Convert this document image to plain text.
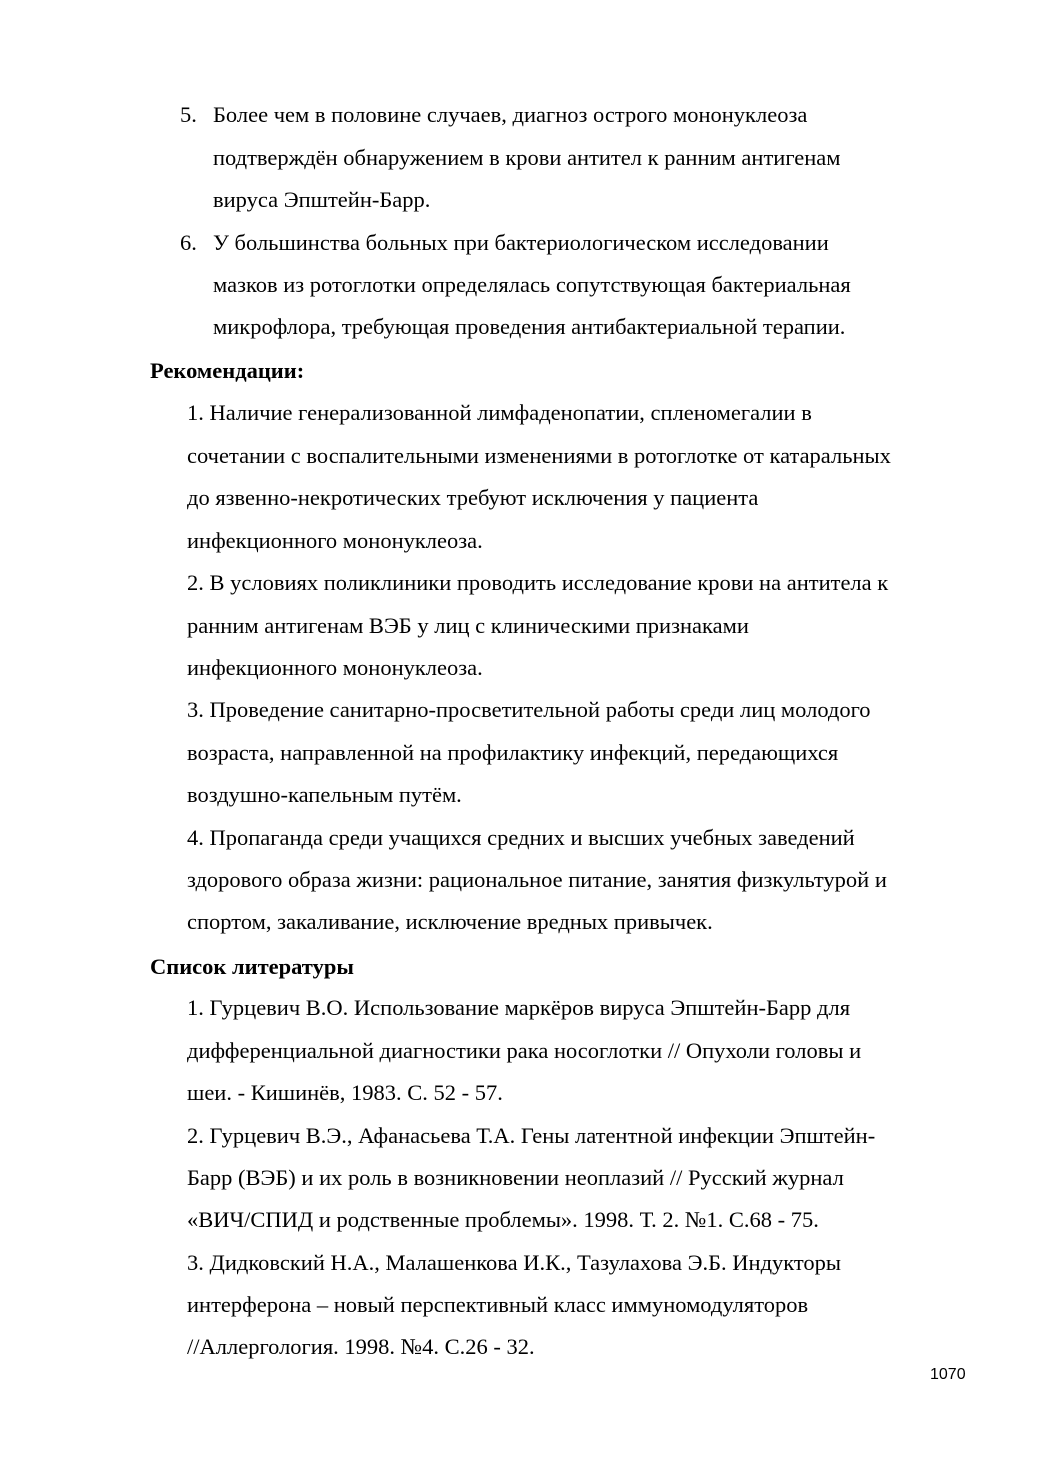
5. Более чем в половине случаев, диагноз острого мононуклеоза
подтверждён обнаружением в крови антител к ранним антигенам
вируса Эпштейн-Барр.
6. У большинства больных при бактериологическом исследовании
мазков из ротоглотки определялась сопутствующая бактериальная
микрофлора, требующая проведения антибактериальной терапии.
Рекомендации:
1. Наличие генерализованной лимфаденопатии, спленомегалии в
сочетании с воспалительными изменениями в ротоглотке от катаральных
до язвенно-некротических требуют исключения у пациента
инфекционного мононуклеоза.
2. В условиях поликлиники проводить исследование крови на антитела к
ранним антигенам ВЭБ у лиц с клиническими признаками
инфекционного мононуклеоза.
3. Проведение санитарно-просветительной работы среди лиц молодого
возраста, направленной на профилактику инфекций, передающихся
воздушно-капельным путём.
4. Пропаганда среди учащихся средних и высших учебных заведений
здорового образа жизни: рациональное питание, занятия физкультурой и
спортом, закаливание, исключение вредных привычек.
Список литературы
1. Гурцевич В.О. Использование маркёров вируса Эпштейн-Барр для
дифференциальной диагностики рака носоглотки // Опухоли головы и
шеи. - Кишинёв, 1983. С. 52 - 57.
2. Гурцевич В.Э., Афанасьева Т.А. Гены латентной инфекции Эпштейн-
Барр (ВЭБ) и их роль в возникновении неоплазий // Русский журнал
«ВИЧ/СПИД и родственные проблемы». 1998. Т. 2. №1. С.68 - 75.
3. Дидковский Н.А., Малашенкова И.К., Тазулахова Э.Б. Индукторы
интерферона – новый перспективный класс иммуномодуляторов
//Аллергология. 1998. №4. С.26 - 32.
1070
